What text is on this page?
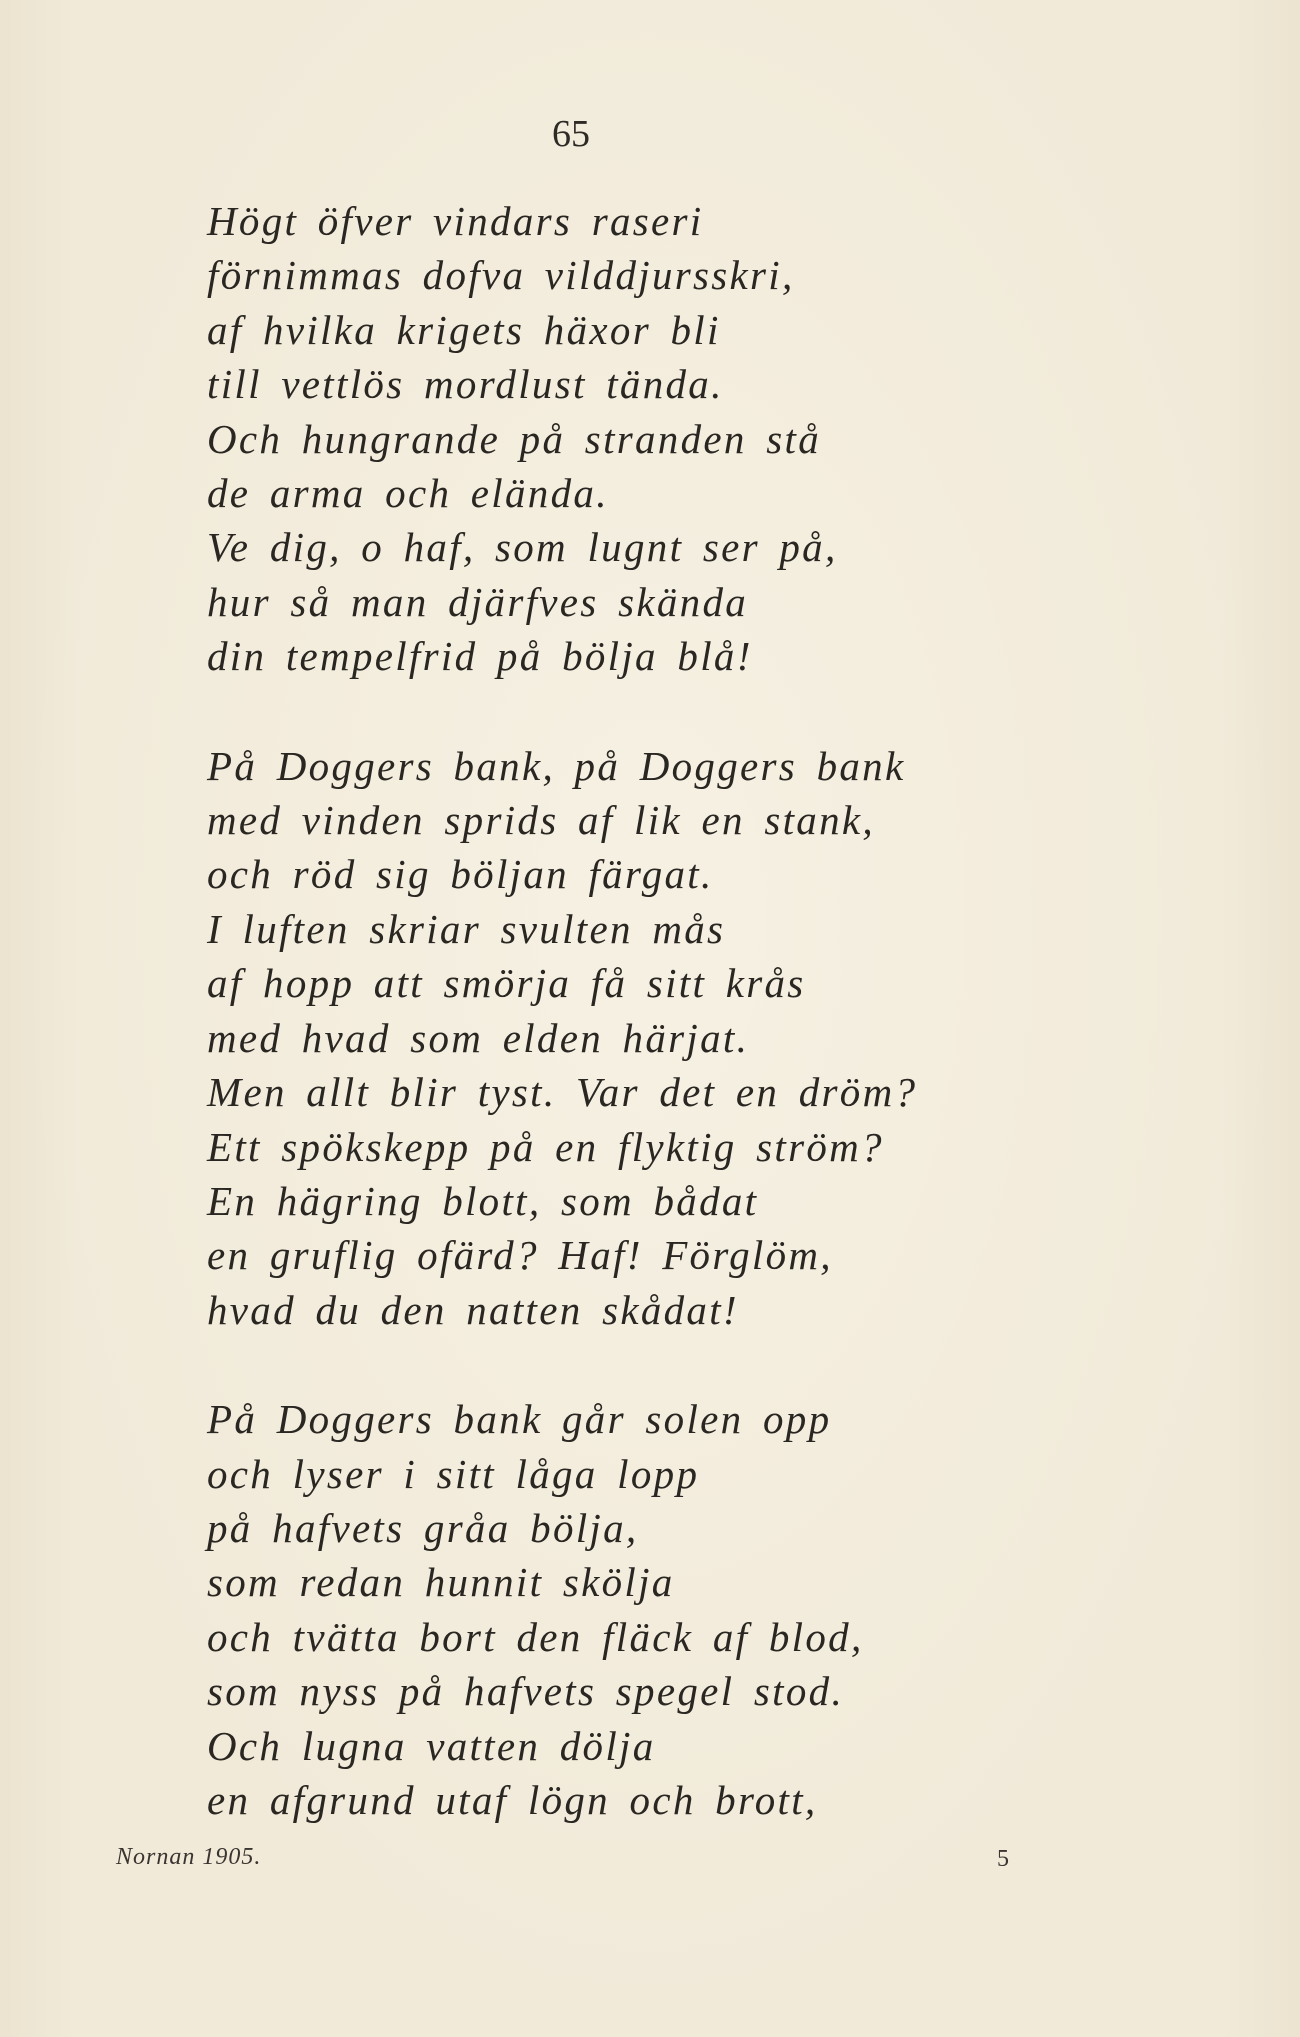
65
Högt öfver vindars raseri
förnimmas dofva vilddjursskri,
af hvilka krigets häxor bli
till vettlös mordlust tända.
Och hungrande på stranden stå
de arma och elända.
Ve dig, o haf, som lugnt ser på,
hur så man djärfves skända
din tempelfrid på bölja blå!
På Doggers bank, på Doggers bank
med vinden sprids af lik en stank,
och röd sig böljan färgat.
I luften skriar svulten mås
af hopp att smörja få sitt krås
med hvad som elden härjat.
Men allt blir tyst. Var det en dröm?
Ett spökskepp på en flyktig ström?
En hägring blott, som bådat
en gruflig ofärd? Haf! Förglöm,
hvad du den natten skådat!
På Doggers bank går solen opp
och lyser i sitt låga lopp
på hafvets gråa bölja,
som redan hunnit skölja
och tvätta bort den fläck af blod,
som nyss på hafvets spegel stod.
Och lugna vatten dölja
en afgrund utaf lögn och brott,
Nornan 1905.	5
